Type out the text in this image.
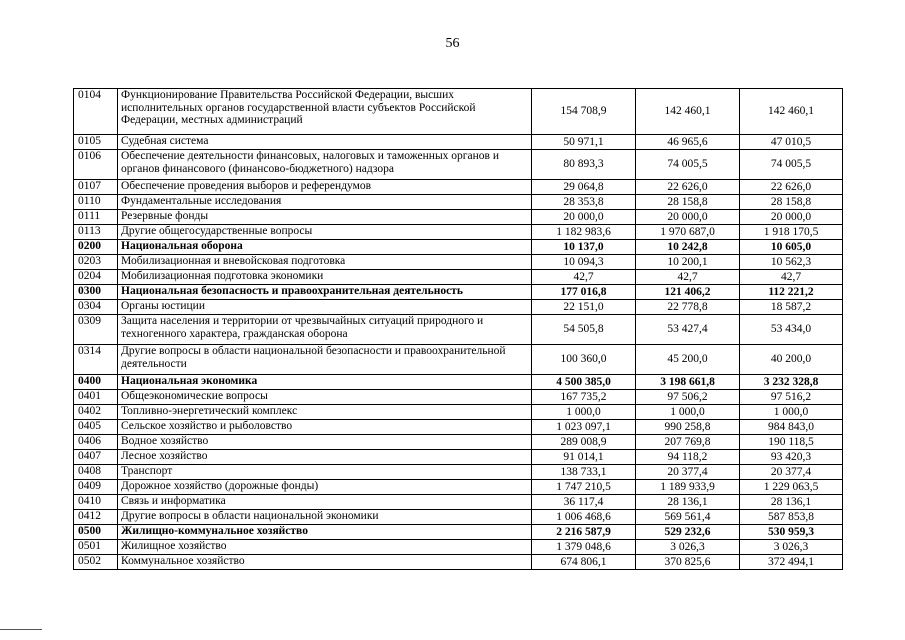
56
0104	Функционирование Правительства Российской Федерации, высших исполнительных органов государственной власти субъектов Российской Федерации, местных администраций	154 708,9	142 460,1	142 460,1
0105	Судебная система	50 971,1	46 965,6	47 010,5
0106	Обеспечение деятельности финансовых, налоговых и таможенных органов и органов финансового (финансово-бюджетного) надзора	80 893,3	74 005,5	74 005,5
0107	Обеспечение проведения выборов и референдумов	29 064,8	22 626,0	22 626,0
0110	Фундаментальные исследования	28 353,8	28 158,8	28 158,8
0111	Резервные фонды	20 000,0	20 000,0	20 000,0
0113	Другие общегосударственные вопросы	1 182 983,6	1 970 687,0	1 918 170,5
0200	Национальная оборона	10 137,0	10 242,8	10 605,0
0203	Мобилизационная и вневойсковая подготовка	10 094,3	10 200,1	10 562,3
0204	Мобилизационная подготовка экономики	42,7	42,7	42,7
0300	Национальная безопасность и правоохранительная деятельность	177 016,8	121 406,2	112 221,2
0304	Органы юстиции	22 151,0	22 778,8	18 587,2
0309	Защита населения и территории от чрезвычайных ситуаций природного и техногенного характера, гражданская оборона	54 505,8	53 427,4	53 434,0
0314	Другие вопросы в области национальной безопасности и правоохранительной деятельности	100 360,0	45 200,0	40 200,0
0400	Национальная экономика	4 500 385,0	3 198 661,8	3 232 328,8
0401	Общеэкономические вопросы	167 735,2	97 506,2	97 516,2
0402	Топливно-энергетический комплекс	1 000,0	1 000,0	1 000,0
0405	Сельское хозяйство и рыболовство	1 023 097,1	990 258,8	984 843,0
0406	Водное хозяйство	289 008,9	207 769,8	190 118,5
0407	Лесное хозяйство	91 014,1	94 118,2	93 420,3
0408	Транспорт	138 733,1	20 377,4	20 377,4
0409	Дорожное хозяйство (дорожные фонды)	1 747 210,5	1 189 933,9	1 229 063,5
0410	Связь и информатика	36 117,4	28 136,1	28 136,1
0412	Другие вопросы в области национальной экономики	1 006 468,6	569 561,4	587 853,8
0500	Жилищно-коммунальное хозяйство	2 216 587,9	529 232,6	530 959,3
0501	Жилищное хозяйство	1 379 048,6	3 026,3	3 026,3
0502	Коммунальное хозяйство	674 806,1	370 825,6	372 494,1
